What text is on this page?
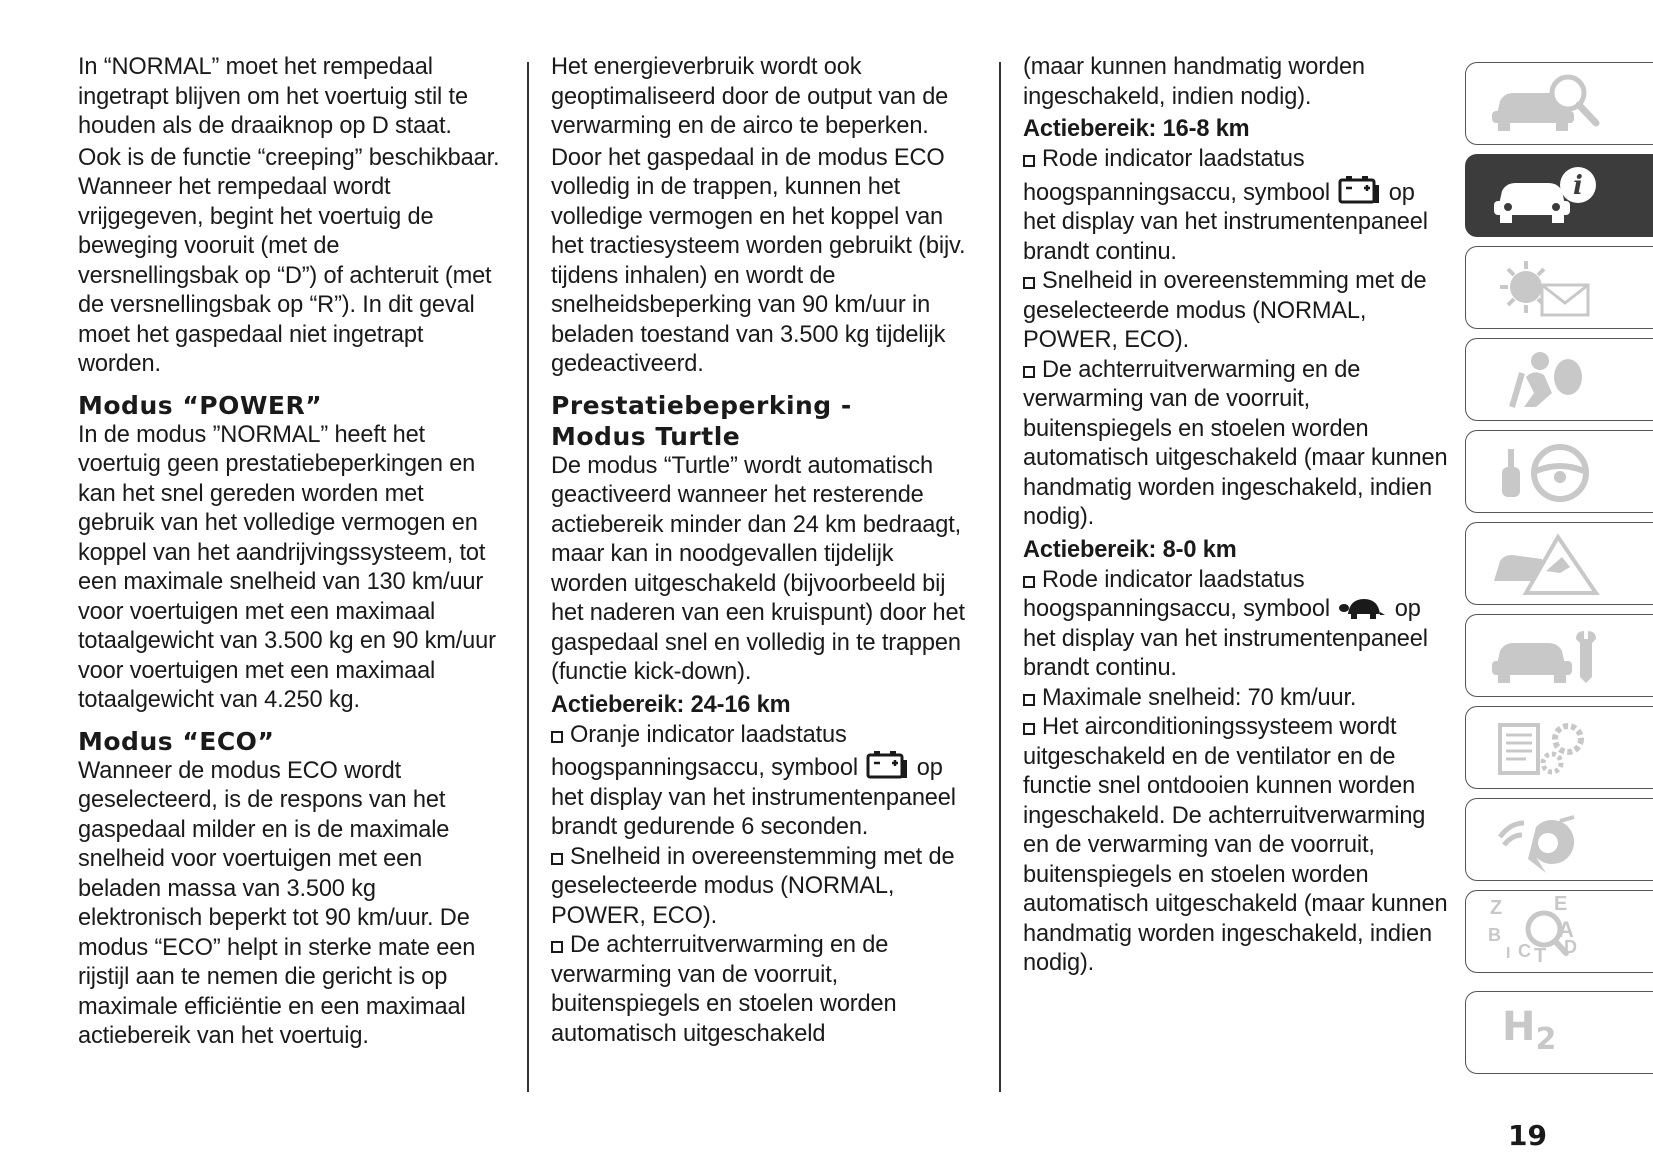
In “NORMAL” moet het rempedaal ingetrapt blijven om het voertuig stil te houden als de draaiknop op D staat.

Ook is de functie “creeping” beschikbaar. Wanneer het rempedaal wordt vrijgegeven, begint het voertuig de beweging vooruit (met de versnellingsbak op “D”) of achteruit (met de versnellingsbak op “R”). In dit geval moet het gaspedaal niet ingetrapt worden.

Modus “POWER”

In de modus ”NORMAL” heeft het voertuig geen prestatiebeperkingen en kan het snel gereden worden met gebruik van het volledige vermogen en koppel van het aandrijvingssysteem, tot een maximale snelheid van 130 km/uur voor voertuigen met een maximaal totaalgewicht van 3.500 kg en 90 km/uur voor voertuigen met een maximaal totaalgewicht van 4.250 kg.

Modus “ECO”

Wanneer de modus ECO wordt geselecteerd, is de respons van het gaspedaal milder en is de maximale snelheid voor voertuigen met een beladen massa van 3.500 kg elektronisch beperkt tot 90 km/uur. De modus “ECO” helpt in sterke mate een rijstijl aan te nemen die gericht is op maximale efficiëntie en een maximaal actiebereik van het voertuig.

Het energieverbruik wordt ook geoptimaliseerd door de output van de verwarming en de airco te beperken.

Door het gaspedaal in de modus ECO volledig in de trappen, kunnen het volledige vermogen en het koppel van het tractiesysteem worden gebruikt (bijv. tijdens inhalen) en wordt de snelheidsbeperking van 90 km/uur in beladen toestand van 3.500 kg tijdelijk gedeactiveerd.

Prestatiebeperking - Modus Turtle

De modus “Turtle” wordt automatisch geactiveerd wanneer het resterende actiebereik minder dan 24 km bedraagt, maar kan in noodgevallen tijdelijk worden uitgeschakeld (bijvoorbeeld bij het naderen van een kruispunt) door het gaspedaal snel en volledig in te trappen (functie kick-down).

Actiebereik: 24-16 km

Oranje indicator laadstatus hoogspanningsaccu, symbool op het display van het instrumentenpaneel brandt gedurende 6 seconden.

Snelheid in overeenstemming met de geselecteerde modus (NORMAL, POWER, ECO).

De achterruitverwarming en de verwarming van de voorruit, buitenspiegels en stoelen worden automatisch uitgeschakeld

(maar kunnen handmatig worden ingeschakeld, indien nodig).

Actiebereik: 16-8 km

Rode indicator laadstatus hoogspanningsaccu, symbool op het display van het instrumentenpaneel brandt continu.

Snelheid in overeenstemming met de geselecteerde modus (NORMAL, POWER, ECO).

De achterruitverwarming en de verwarming van de voorruit, buitenspiegels en stoelen worden automatisch uitgeschakeld (maar kunnen handmatig worden ingeschakeld, indien nodig).

Actiebereik: 8-0 km

Rode indicator laadstatus hoogspanningsaccu, symbool	op het display van het instrumentenpaneel brandt continu.

Maximale snelheid: 70 km/uur.

Het airconditioningssysteem wordt uitgeschakeld en de ventilator en de functie snel ontdooien kunnen worden ingeschakeld. De achterruitverwarming en de verwarming van de voorruit, buitenspiegels en stoelen worden automatisch uitgeschakeld (maar kunnen handmatig worden ingeschakeld, indien nodig).

i
Z	E
B	A
I C T D
$H_2$
19
